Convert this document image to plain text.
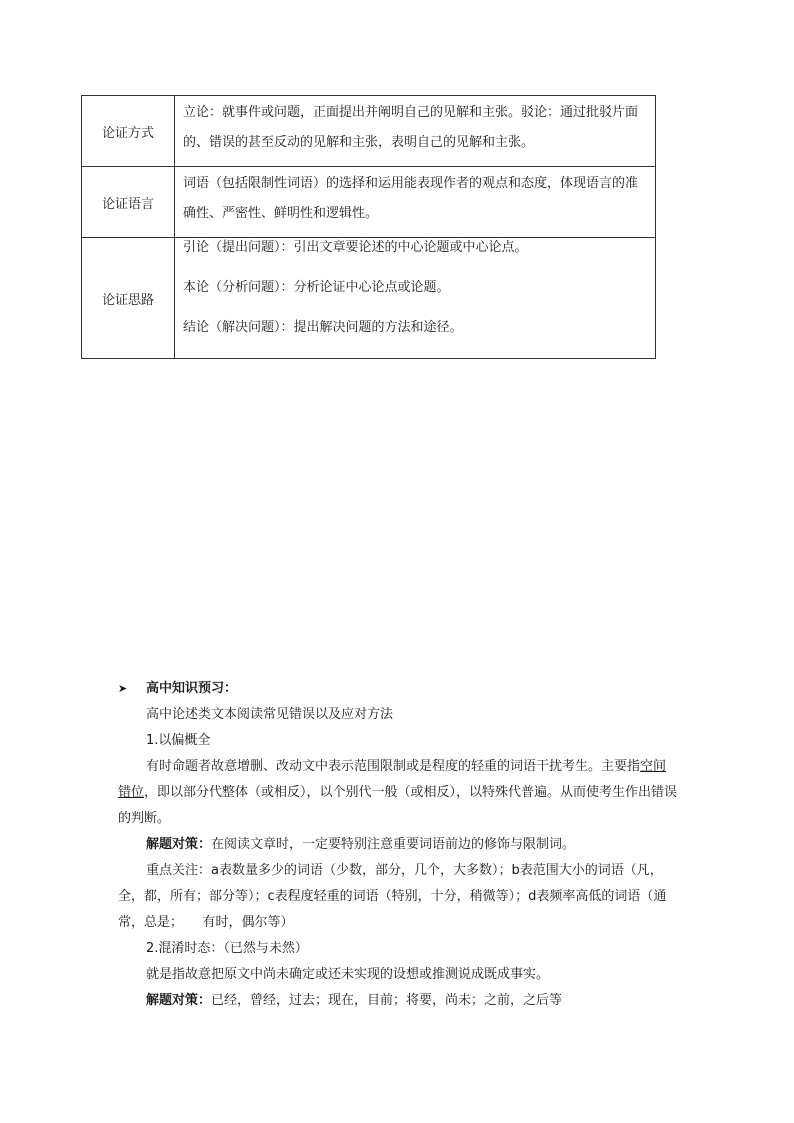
论证方式	立论：就事件或问题，正面提出并阐明自己的见解和主张。驳论：通过批驳片面的、错误的甚至反动的见解和主张，表明自己的见解和主张。
论证语言	词语（包括限制性词语）的选择和运用能表现作者的观点和态度，体现语言的准确性、严密性、鲜明性和逻辑性。
论证思路	引论（提出问题）：引出文章要论述的中心论题或中心论点。

本论（分析问题）：分析论证中心论点或论题。

结论（解决问题）：提出解决问题的方法和途径。

➤	高中知识预习：
高中论述类文本阅读常见错误以及应对方法
1.以偏概全

有时命题者故意增删、改动文中表示范围限制或是程度的轻重的词语干扰考生。主要指空间错位，即以部分代整体（或相反），以个别代一般（或相反），以特殊代普遍。从而使考生作出错误的判断。

解题对策：在阅读文章时，一定要特别注意重要词语前边的修饰与限制词。

重点关注：a表数量多少的词语（少数，部分，几个，大多数）；b表范围大小的词语（凡，全，都，所有；部分等）；c表程度轻重的词语（特别，十分，稍微等）；d表频率高低的词语（通常，总是；　　有时，偶尔等）

2.混淆时态：（已然与未然）
就是指故意把原文中尚未确定或还未实现的设想或推测说成既成事实。

解题对策：已经，曾经，过去；现在，目前；将要，尚未；之前，之后等
